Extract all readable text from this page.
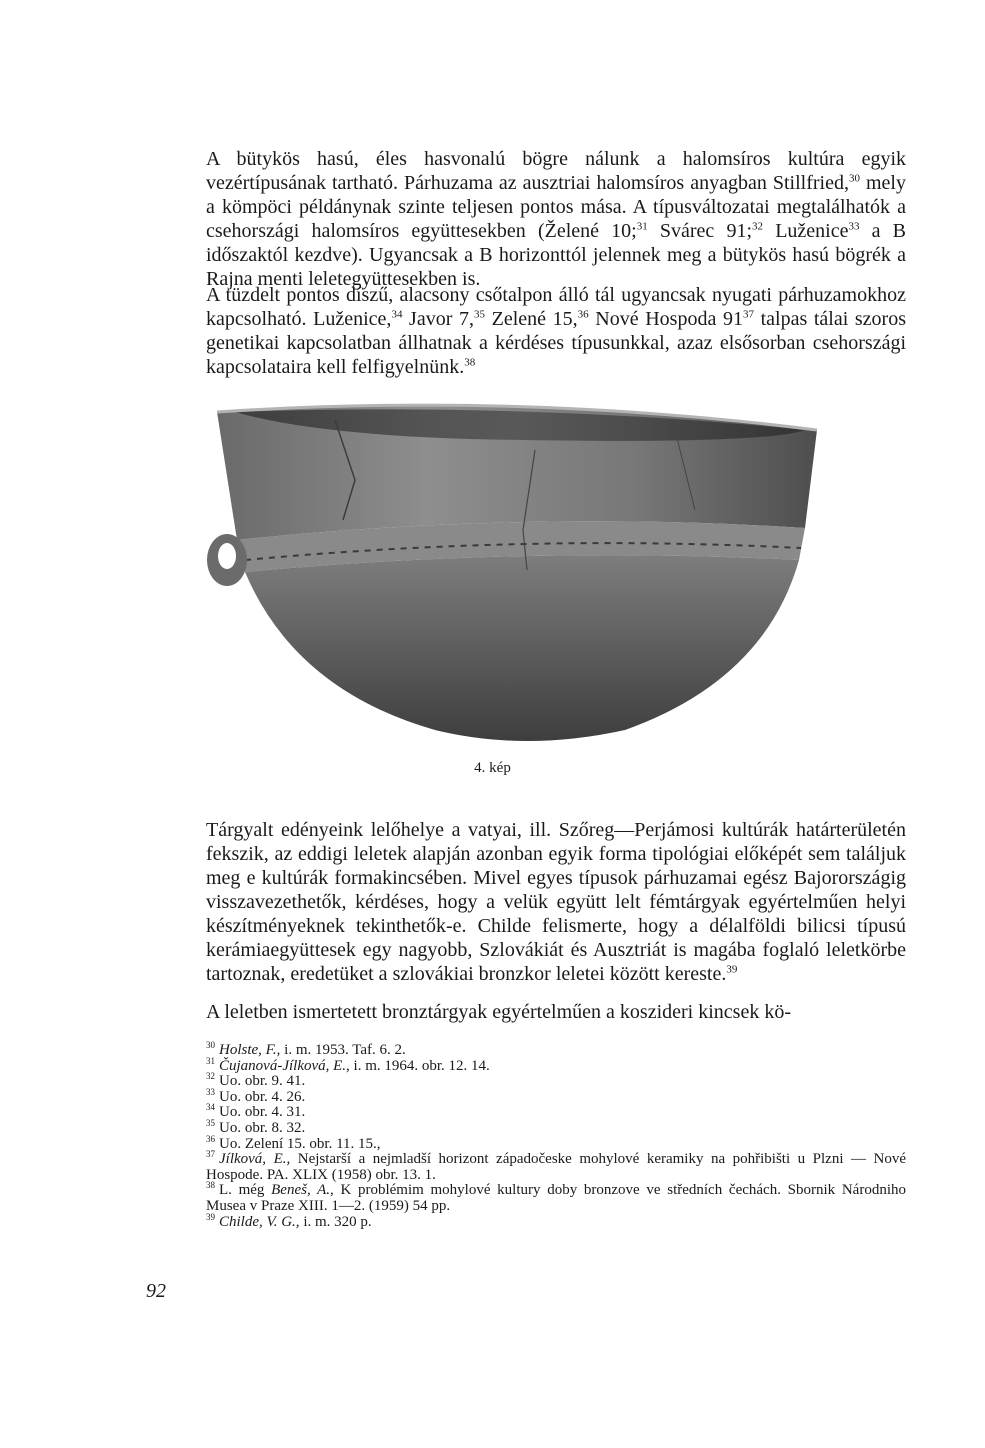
A bütykös hasú, éles hasvonalú bögre nálunk a halomsíros kultúra egyik vezértípusának tartható. Párhuzama az ausztriai halomsíros anyagban Stillfried,$^{30}$ mely a kömpöci példánynak szinte teljesen pontos mása. A típusváltozatai megtalálhatók a csehországi halomsíros együttesekben (Želené 10;$^{31}$ Svárec 91;$^{32}$ Luženice$^{33}$ a B időszaktól kezdve). Ugyancsak a B horizonttól jelennek meg a bütykös hasú bögrék a Rajna menti leletegyüttesekben is.

A tüzdelt pontos díszű, alacsony csőtalpon álló tál ugyancsak nyugati párhuzamokhoz kapcsolható. Luženice,$^{34}$ Javor 7,35 Zelené 15,36 Nové Hospoda $91^{37}$ talpas tálai szoros genetikai kapcsolatban állhatnak a kérdéses típusunkkal, azaz elsősorban csehországi kapcsolataira kell felfigyelnünk.$^{38}$

4. kép

Tárgyalt edényeink lelőhelye a vatyai, ill. Szőreg—Perjámosi kultúrák határterületén fekszik, az eddigi leletek alapján azonban egyik forma tipológiai előképét sem találjuk meg e kultúrák formakincsében. Mivel egyes típusok párhuzamai egész Bajorországig visszavezethetők, kérdéses, hogy a velük együtt lelt fémtárgyak egyértelműen helyi készítményeknek tekinthetők-e. Childe felismerte, hogy a délalföldi bilicsi típusú kerámiaegyüttesek egy nagyobb, Szlovákiát és Ausztriát is magába foglaló leletkörbe tartoznak, eredetüket a szlovákiai bronzkor leletei között kereste.$^{39}$

A leletben ismertetett bronztárgyak egyértelműen a koszideri kincsek kö-

$^{30}$ Holste, F., i. m. 1953. Taf. 6. 2.

$^{31}$ Čujanová-Jílková, E., i. m. 1964. obr. 12. 14.

$^{32}$ Uo. obr. 9. 41.

$^{33}$ Uo. obr. 4. 26.

$^{34}$ Uo. obr. 4. 31.

$^{35}$ Uo. obr. 8. 32.

$^{36}$ Uo. Zelení 15. obr. 11. 15.,

$^{37}$ Jílková, E., Nejstarší a nejmladší horizont západočeske mohylové keramiky na pohřibišti u Plzni — Nové Hospode. PA. XLIX (1958) obr. 13. 1.

$^{38}$ L. még Beneš, A., K problémim mohylové kultury doby bronzove ve středních čechách. Sbornik Národniho Musea v Praze XIII. 1—2. (1959) 54 pp.

$^{39}$ Childe, V. G., i. m. 320 p.

92
